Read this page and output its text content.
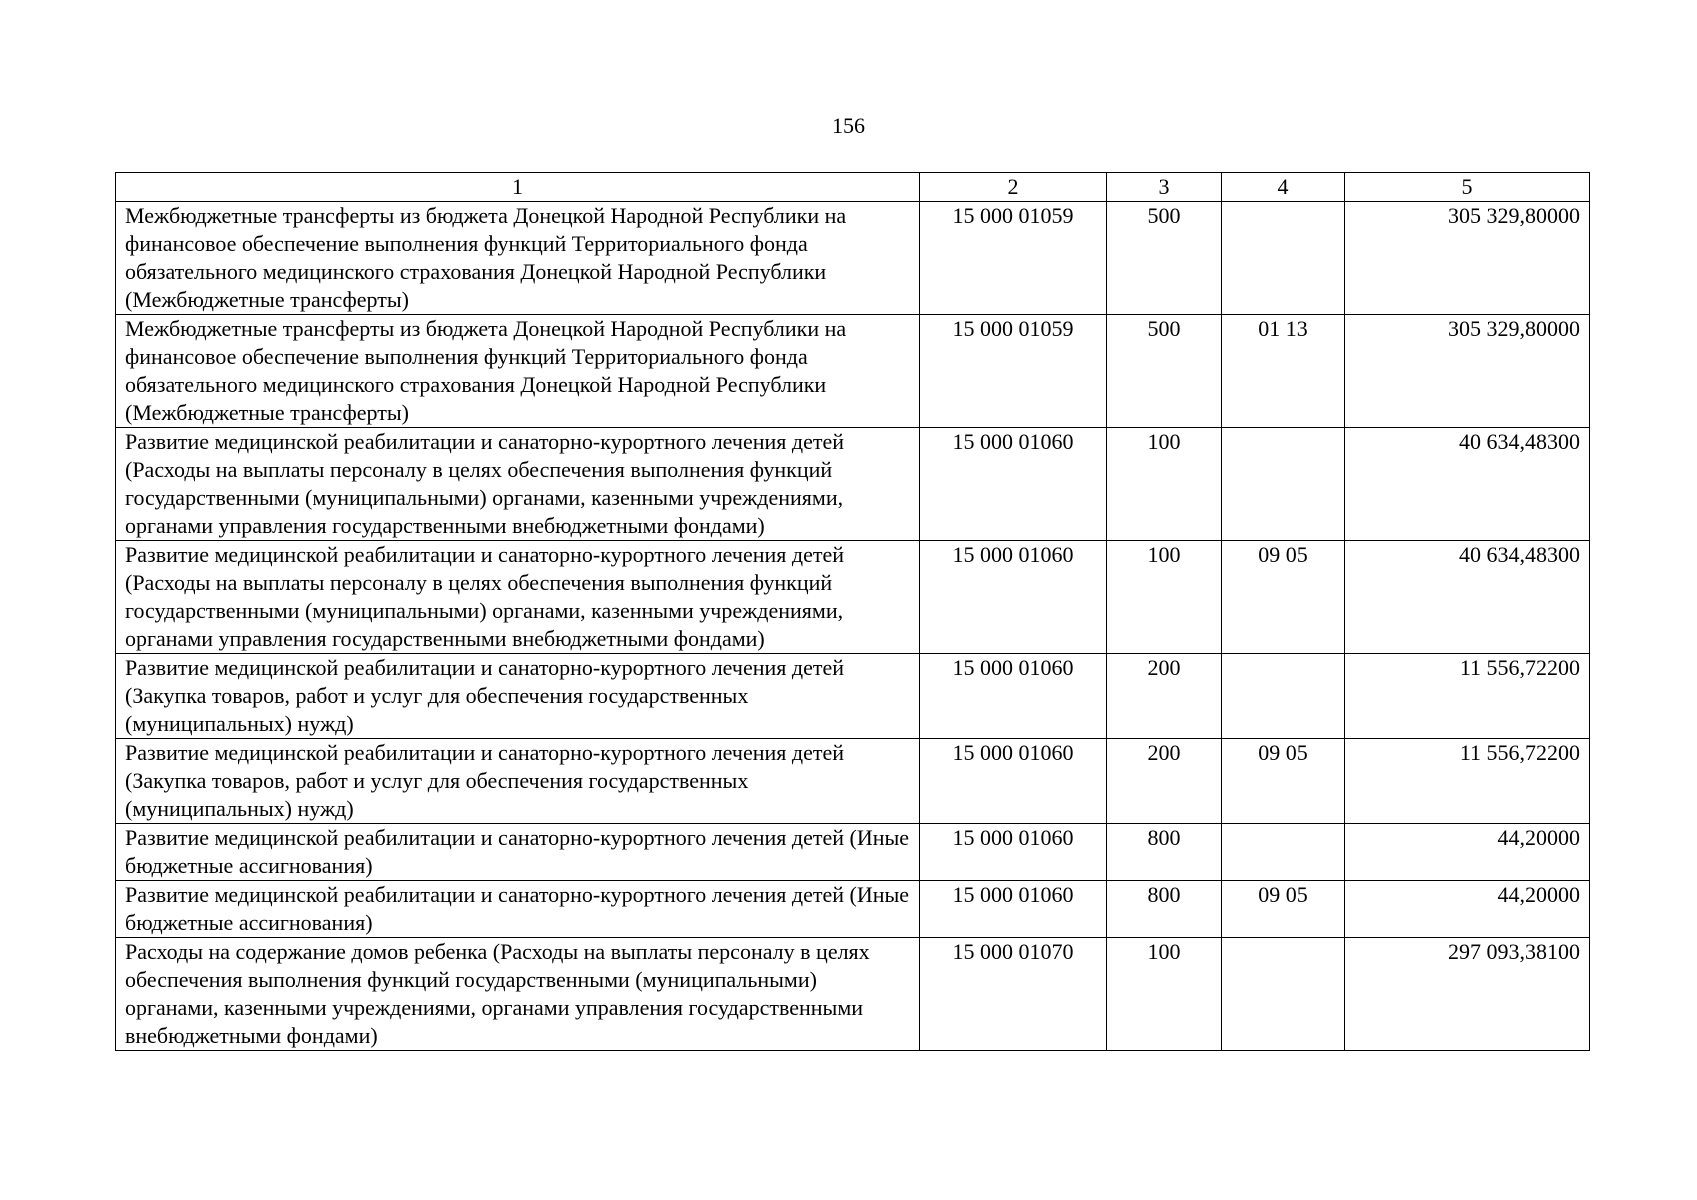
156
1	2	3	4	5
Межбюджетные трансферты из бюджета Донецкой Народной Республики на финансовое обеспечение выполнения функций Территориального фонда обязательного медицинского страхования Донецкой Народной Республики (Межбюджетные трансферты)	15 000 01059	500		305 329,80000
Межбюджетные трансферты из бюджета Донецкой Народной Республики на финансовое обеспечение выполнения функций Территориального фонда обязательного медицинского страхования Донецкой Народной Республики (Межбюджетные трансферты)	15 000 01059	500	01 13	305 329,80000
Развитие медицинской реабилитации и санаторно-курортного лечения детей (Расходы на выплаты персоналу в целях обеспечения выполнения функций государственными (муниципальными) органами, казенными учреждениями, органами управления государственными внебюджетными фондами)	15 000 01060	100		40 634,48300
Развитие медицинской реабилитации и санаторно-курортного лечения детей (Расходы на выплаты персоналу в целях обеспечения выполнения функций государственными (муниципальными) органами, казенными учреждениями, органами управления государственными внебюджетными фондами)	15 000 01060	100	09 05	40 634,48300
Развитие медицинской реабилитации и санаторно-курортного лечения детей (Закупка товаров, работ и услуг для обеспечения государственных (муниципальных) нужд)	15 000 01060	200		11 556,72200
Развитие медицинской реабилитации и санаторно-курортного лечения детей (Закупка товаров, работ и услуг для обеспечения государственных (муниципальных) нужд)	15 000 01060	200	09 05	11 556,72200
Развитие медицинской реабилитации и санаторно-курортного лечения детей (Иные бюджетные ассигнования)	15 000 01060	800		44,20000
Развитие медицинской реабилитации и санаторно-курортного лечения детей (Иные бюджетные ассигнования)	15 000 01060	800	09 05	44,20000
Расходы на содержание домов ребенка (Расходы на выплаты персоналу в целях обеспечения выполнения функций государственными (муниципальными) органами, казенными учреждениями, органами управления государственными внебюджетными фондами)	15 000 01070	100		297 093,38100
